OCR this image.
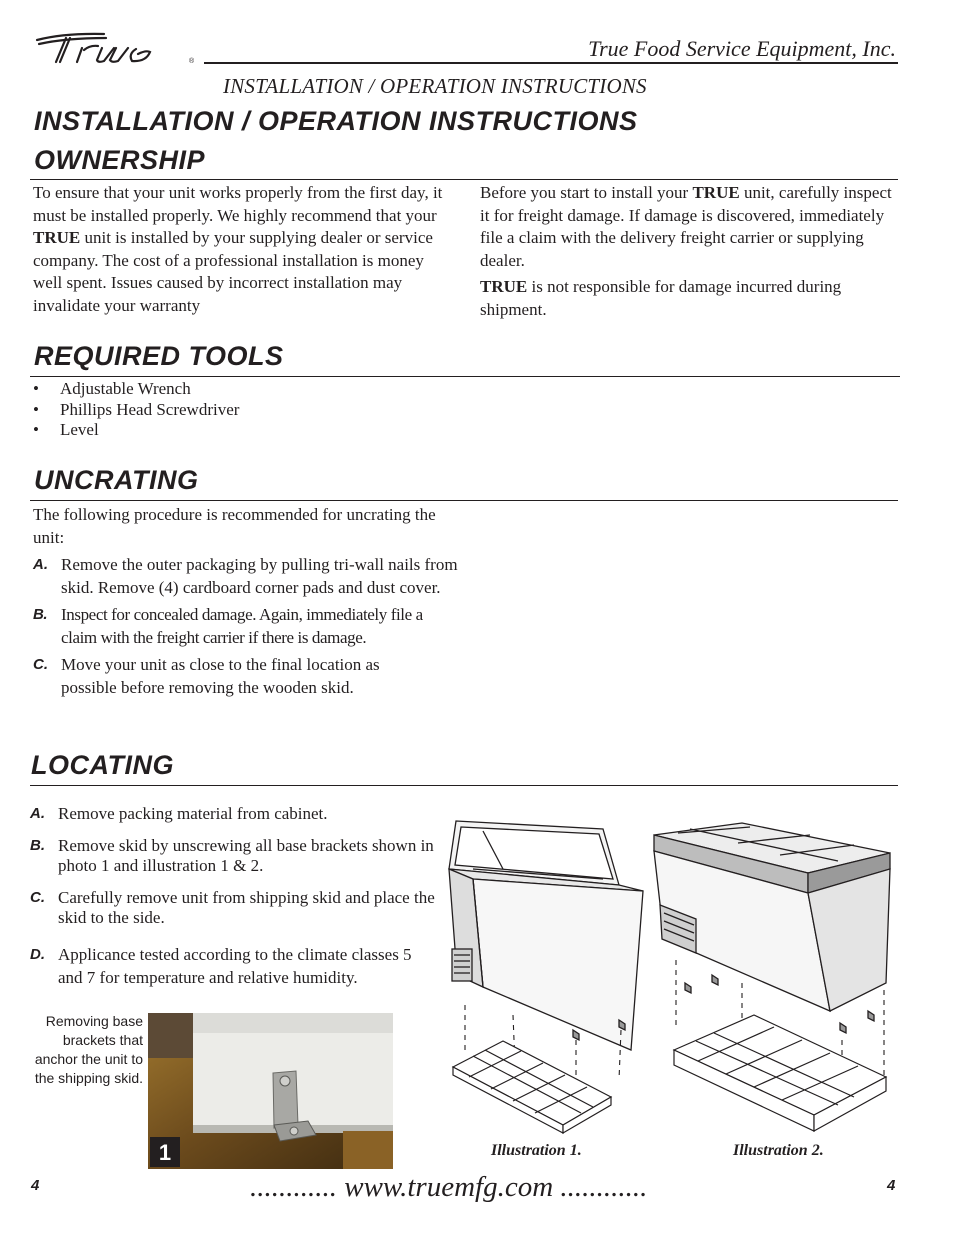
®
True Food Service Equipment, Inc.
INSTALLATION / OPERATION INSTRUCTIONS
INSTALLATION / OPERATION INSTRUCTIONS
OWNERSHIP

To ensure that your unit works properly from the first day, it must be installed properly. We highly recommend that your TRUE unit is installed by your supplying dealer or service company. The cost of a professional installation is money well spent. Issues caused by incorrect installation may invalidate your warranty

Before you start to install your TRUE unit, carefully inspect it for freight damage. If damage is discovered, immediately file a claim with the delivery freight carrier or supplying dealer.

TRUE is not responsible for damage incurred during shipment.

REQUIRED TOOLS
• Adjustable Wrench
• Phillips Head Screwdriver
• Level
UNCRATING
The following procedure is recommended for uncrating the unit:
A. Remove the outer packaging by pulling tri-wall nails from skid. Remove (4) cardboard corner pads and dust cover.
B. Inspect for concealed damage. Again, immediately file a claim with the freight carrier if there is damage.
C. Move your unit as close to the final location as possible before removing the wooden skid.
LOCATING
A. Remove packing material from cabinet.
B. Remove skid by unscrewing all base brackets shown in photo 1 and illustration 1 & 2.
C. Carefully remove unit from shipping skid and place the skid to the side.
D. Applicance tested according to the climate classes 5 and 7 for temperature and relative humidity.
Removing base brackets that anchor the unit to the shipping skid.
1	Illustration 1.	Illustration 2.
4	............ www.truemfg.com ............	4
